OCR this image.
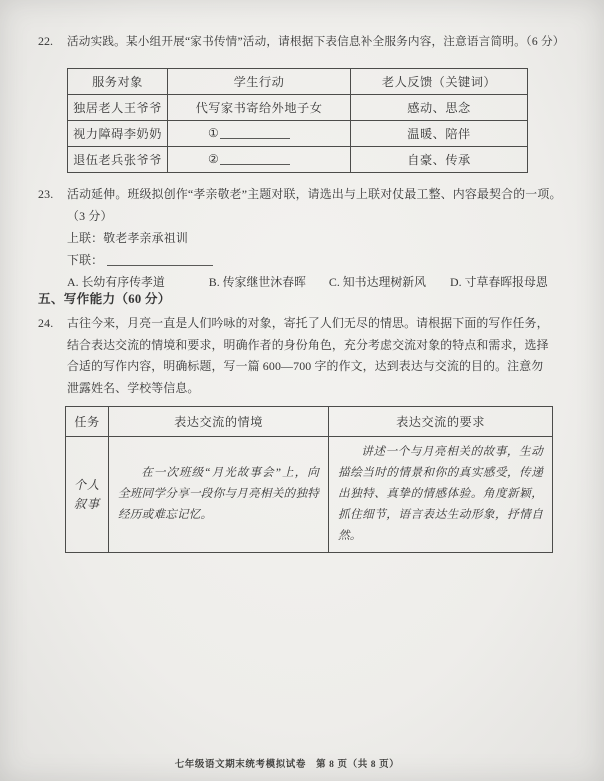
22.	活动实践。某小组开展“家书传情”活动，请根据下表信息补全服务内容，注意语言简明。（6 分）
服务对象	学生行动	老人反馈（关键词）
独居老人王爷爷	代写家书寄给外地子女	感动、思念
视力障碍李奶奶	①	温暖、陪伴
退伍老兵张爷爷	②	自豪、传承
23.	活动延伸。班级拟创作“孝亲敬老”主题对联，请选出与上联对仗最工整、内容最契合的一项。
（3 分）
上联：敬老孝亲承祖训
下联：
A. 长幼有序传孝道	B. 传家继世沐春晖 C. 知书达理树新风 D. 寸草春晖报母恩
五、写作能力（60 分）
24.	古往今来，月亮一直是人们吟咏的对象，寄托了人们无尽的情思。请根据下面的写作任务，
结合表达交流的情境和要求，明确作者的身份角色，充分考虑交流对象的特点和需求，选择
合适的写作内容，明确标题，写一篇 600—700 字的作文，达到表达与交流的目的。注意勿
泄露姓名、学校等信息。
任务	表达交流的情境	表达交流的要求
个人叙事	在一次班级“月光故事会”上，向全班同学分享一段你与月亮相关的独特经历或难忘记忆。	讲述一个与月亮相关的故事，生动描绘当时的情景和你的真实感受，传递出独特、真挚的情感体验。角度新颖，抓住细节，语言表达生动形象，抒情自然。

七年级语文期末统考模拟试卷　第 8 页（共 8 页）
